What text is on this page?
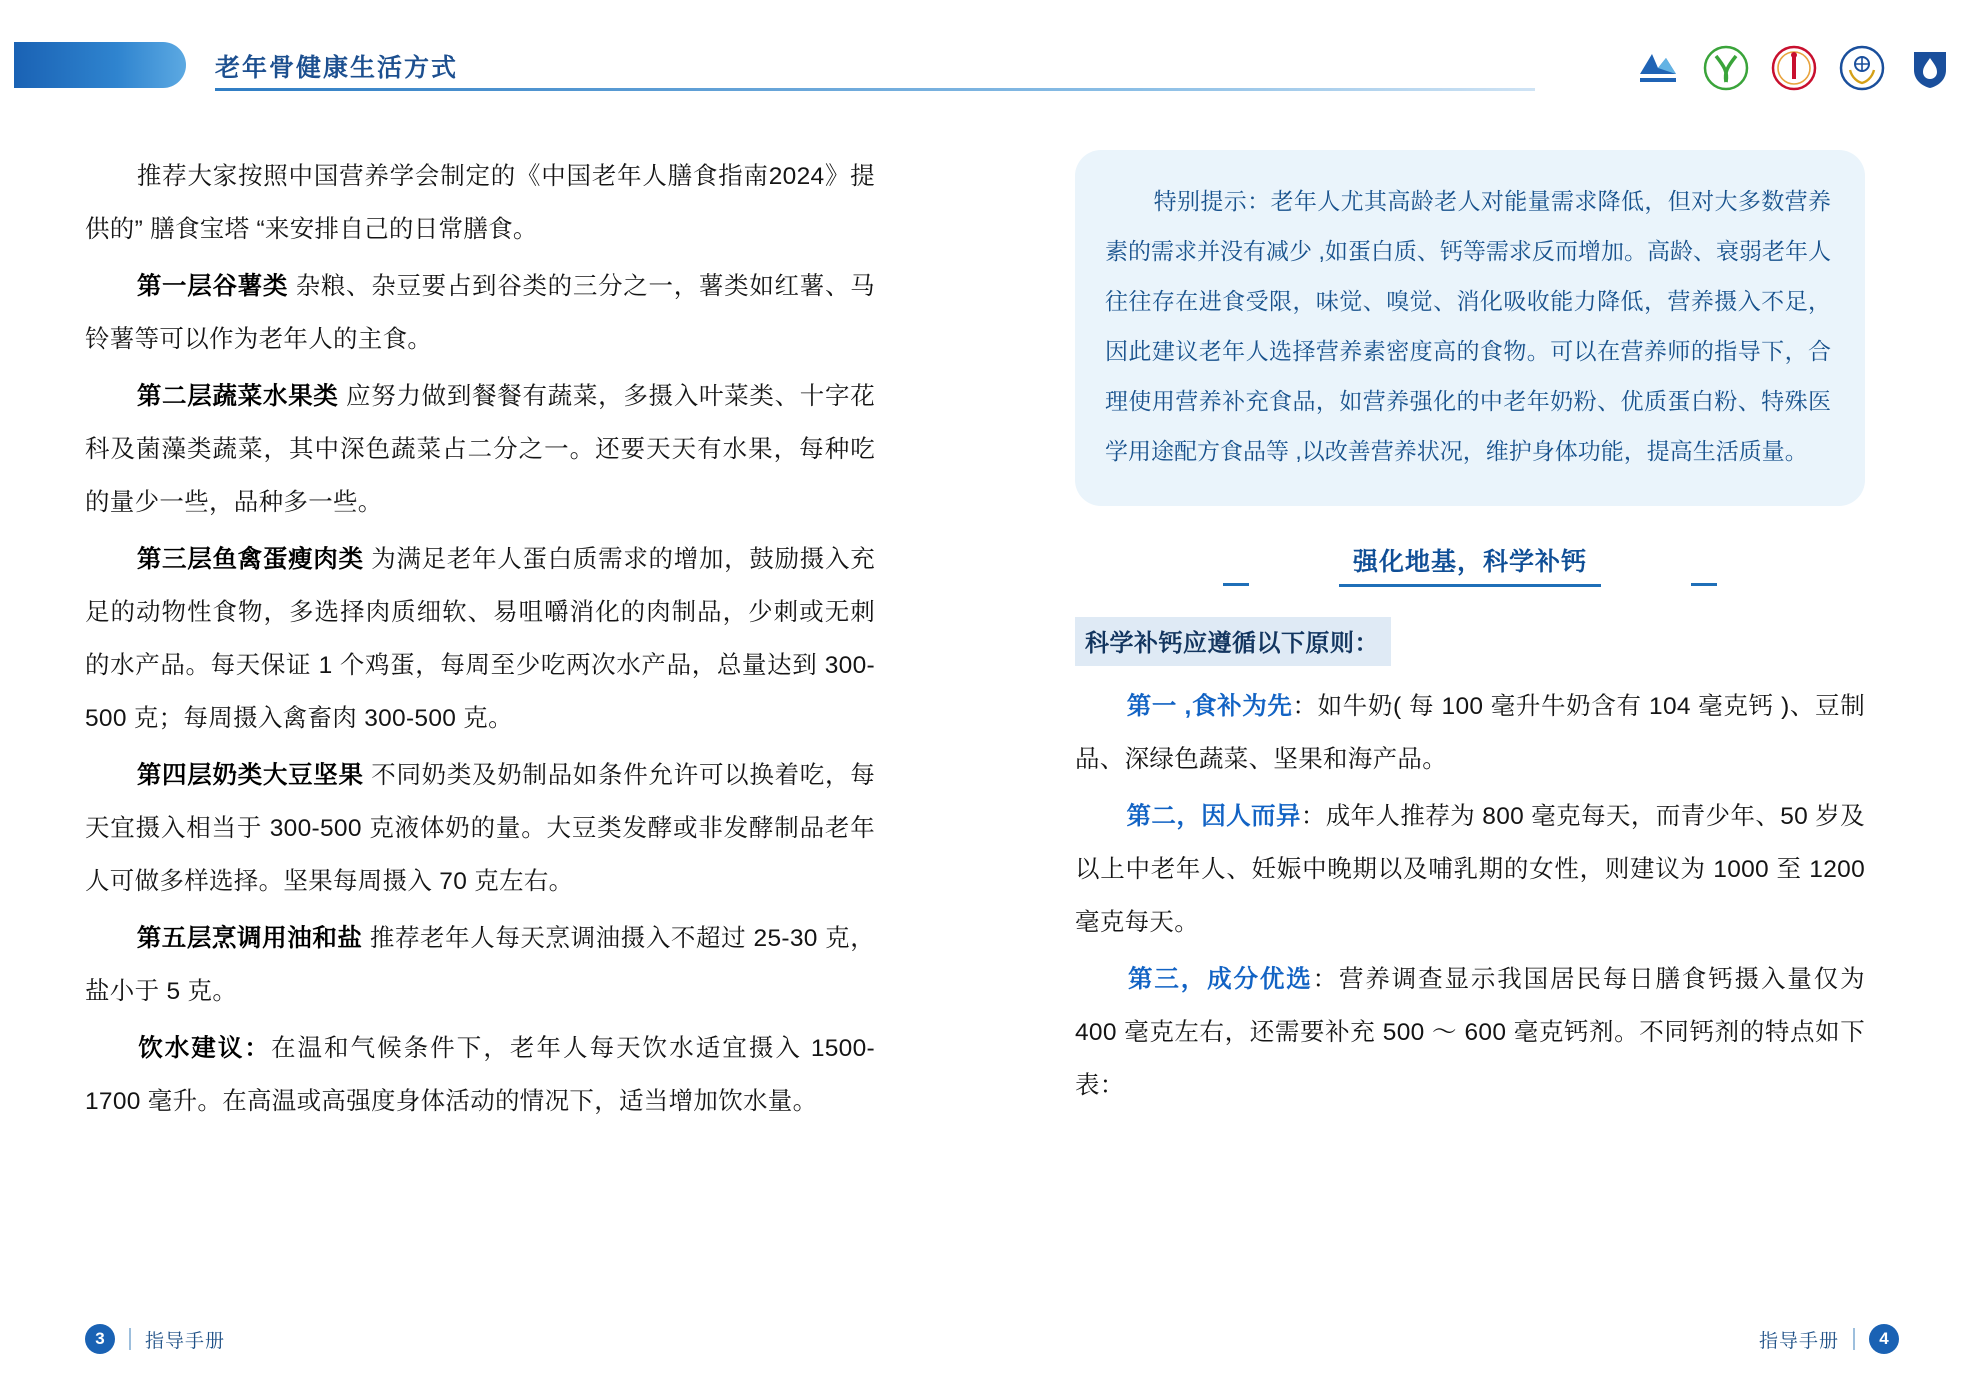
老年骨健康生活方式

推荐大家按照中国营养学会制定的《中国老年人膳食指南2024》提供的” 膳食宝塔 “来安排自己的日常膳食。

第一层谷薯类 杂粮、杂豆要占到谷类的三分之一，薯类如红薯、马铃薯等可以作为老年人的主食。

第二层蔬菜水果类 应努力做到餐餐有蔬菜，多摄入叶菜类、十字花科及菌藻类蔬菜，其中深色蔬菜占二分之一。还要天天有水果，每种吃的量少一些，品种多一些。

第三层鱼禽蛋瘦肉类 为满足老年人蛋白质需求的增加，鼓励摄入充足的动物性食物，多选择肉质细软、易咀嚼消化的肉制品，少刺或无刺的水产品。每天保证 1 个鸡蛋，每周至少吃两次水产品，总量达到 300-500 克；每周摄入禽畜肉 300-500 克。

第四层奶类大豆坚果 不同奶类及奶制品如条件允许可以换着吃，每天宜摄入相当于 300-500 克液体奶的量。大豆类发酵或非发酵制品老年人可做多样选择。坚果每周摄入 70 克左右。

第五层烹调用油和盐 推荐老年人每天烹调油摄入不超过 25-30 克，盐小于 5 克。

饮水建议：在温和气候条件下，老年人每天饮水适宜摄入 1500-1700 毫升。在高温或高强度身体活动的情况下，适当增加饮水量。

特别提示：老年人尤其高龄老人对能量需求降低，但对大多数营养素的需求并没有减少 ,如蛋白质、钙等需求反而增加。高龄、衰弱老年人往往存在进食受限，味觉、嗅觉、消化吸收能力降低，营养摄入不足，因此建议老年人选择营养素密度高的食物。可以在营养师的指导下，合理使用营养补充食品，如营养强化的中老年奶粉、优质蛋白粉、特殊医学用途配方食品等 ,以改善营养状况，维护身体功能，提高生活质量。

强化地基，科学补钙
科学补钙应遵循以下原则：

第一 ,食补为先：如牛奶( 每 100 毫升牛奶含有 104 毫克钙 )、豆制品、深绿色蔬菜、坚果和海产品。

第二，因人而异：成年人推荐为 800 毫克每天，而青少年、50 岁及以上中老年人、妊娠中晚期以及哺乳期的女性，则建议为 1000 至 1200 毫克每天。

第三，成分优选：营养调查显示我国居民每日膳食钙摄入量仅为 400 毫克左右，还需要补充 500 ～ 600 毫克钙剂。不同钙剂的特点如下表：

3	指导手册	指导手册	4
